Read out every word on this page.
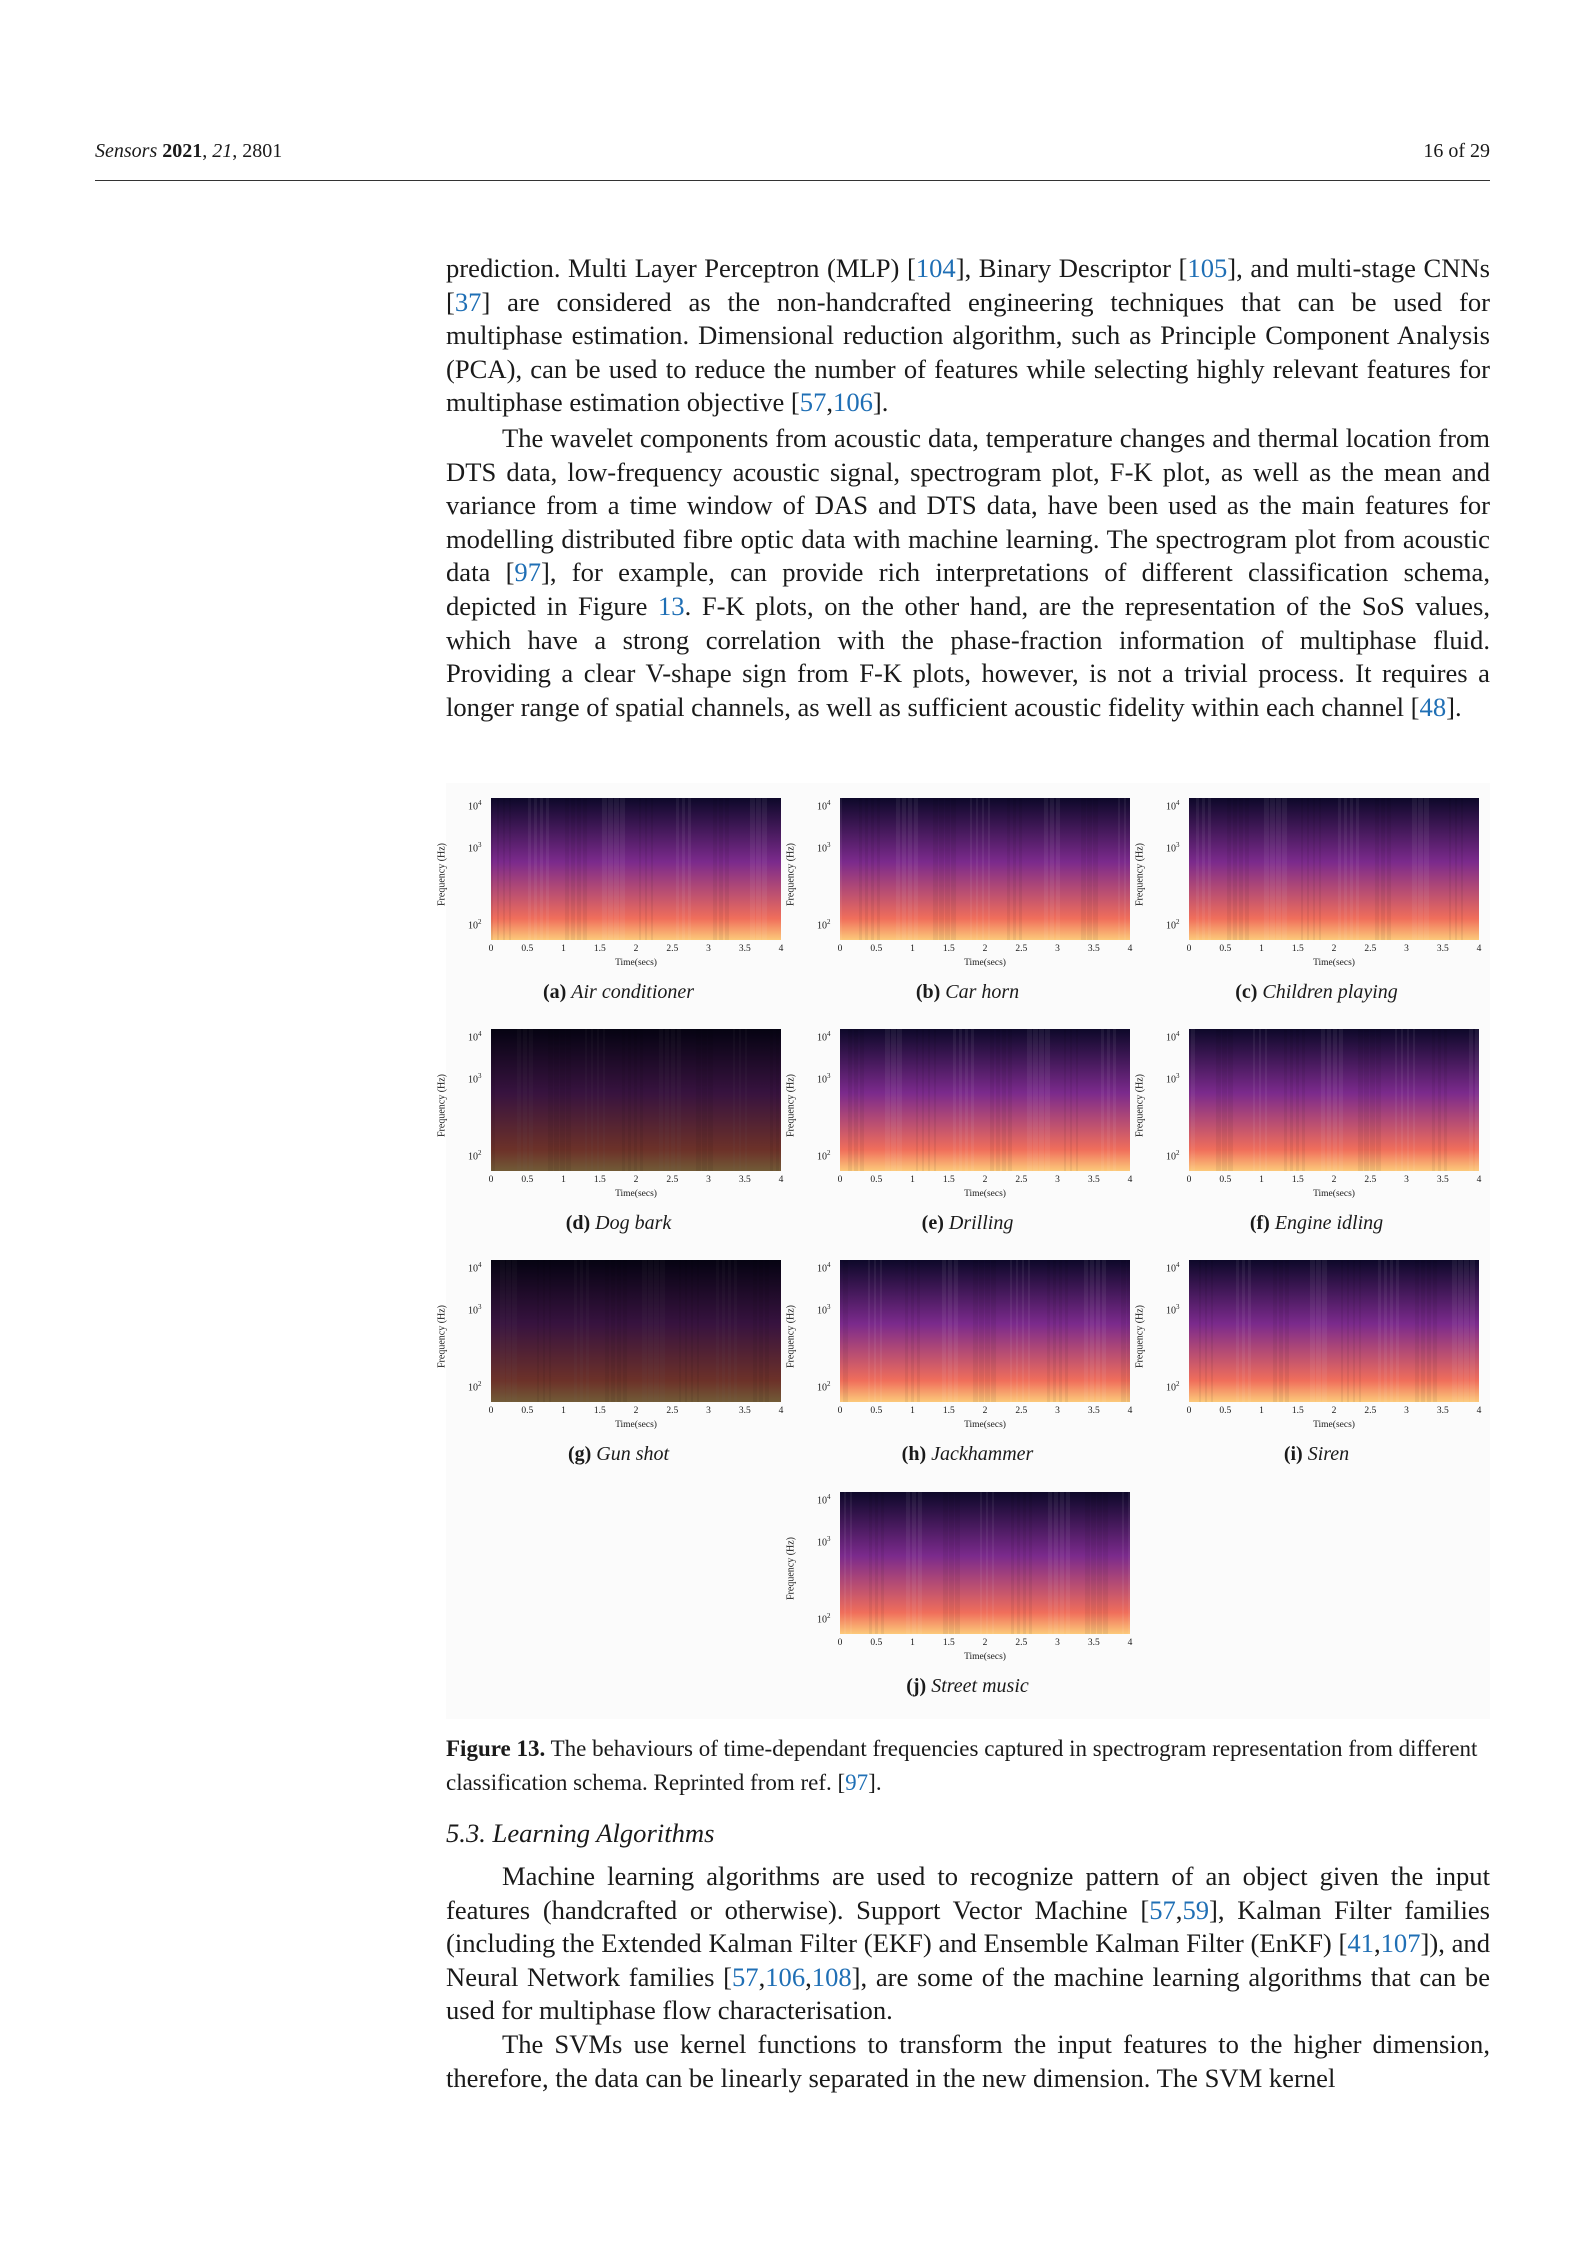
Sensors 2021, 21, 2801	16 of 29

prediction. Multi Layer Perceptron (MLP) [104], Binary Descriptor [105], and multi-stage CNNs [37] are considered as the non-handcrafted engineering techniques that can be used for multiphase estimation. Dimensional reduction algorithm, such as Principle Component Analysis (PCA), can be used to reduce the number of features while selecting highly relevant features for multiphase estimation objective [57,106].

The wavelet components from acoustic data, temperature changes and thermal location from DTS data, low-frequency acoustic signal, spectrogram plot, F-K plot, as well as the mean and variance from a time window of DAS and DTS data, have been used as the main features for modelling distributed fibre optic data with machine learning. The spectrogram plot from acoustic data [97], for example, can provide rich interpretations of different classification schema, depicted in Figure 13. F-K plots, on the other hand, are the representation of the SoS values, which have a strong correlation with the phase-fraction information of multiphase fluid. Providing a clear V-shape sign from F-K plots, however, is not a trivial process. It requires a longer range of spatial channels, as well as sufficient acoustic fidelity within each channel [48].

Frequency (Hz)
$10^4$
$10^3$
$10^2$
0	0.5	1	1.5	2	2.5	3	3.5	4
Time(secs)
(a) Air conditioner
Frequency (Hz)
$10^4$
$10^3$
$10^2$
0	0.5	1	1.5	2	2.5	3	3.5	4
Time(secs)
(b) Car horn
Frequency (Hz)
$10^4$
$10^3$
$10^2$
0	0.5	1	1.5	2	2.5	3	3.5	4
Time(secs)
(c) Children playing
Frequency (Hz)
$10^4$
$10^3$
$10^2$
0	0.5	1	1.5	2	2.5	3	3.5	4
Time(secs)
(d) Dog bark
Frequency (Hz)
$10^4$
$10^3$
$10^2$
0	0.5	1	1.5	2	2.5	3	3.5	4
Time(secs)
(e) Drilling
Frequency (Hz)
$10^4$
$10^3$
$10^2$
0	0.5	1	1.5	2	2.5	3	3.5	4
Time(secs)
(f) Engine idling
Frequency (Hz)
$10^4$
$10^3$
$10^2$
0	0.5	1	1.5	2	2.5	3	3.5	4
Time(secs)
(g) Gun shot
Frequency (Hz)
$10^4$
$10^3$
$10^2$
0	0.5	1	1.5	2	2.5	3	3.5	4
Time(secs)
(h) Jackhammer
Frequency (Hz)
$10^4$
$10^3$
$10^2$
0	0.5	1	1.5	2	2.5	3	3.5	4
Time(secs)
(i) Siren
Frequency (Hz)
$10^4$
$10^3$
$10^2$
0	0.5	1	1.5	2	2.5	3	3.5	4
Time(secs)
(j) Street music
Figure 13. The behaviours of time-dependant frequencies captured in spectrogram representation from different classification schema. Reprinted from ref. [97].
5.3. Learning Algorithms

Machine learning algorithms are used to recognize pattern of an object given the input features (handcrafted or otherwise). Support Vector Machine [57,59], Kalman Filter families (including the Extended Kalman Filter (EKF) and Ensemble Kalman Filter (EnKF) [41,107]), and Neural Network families [57,106,108], are some of the machine learning algorithms that can be used for multiphase flow characterisation.

The SVMs use kernel functions to transform the input features to the higher dimension, therefore, the data can be linearly separated in the new dimension. The SVM kernel
